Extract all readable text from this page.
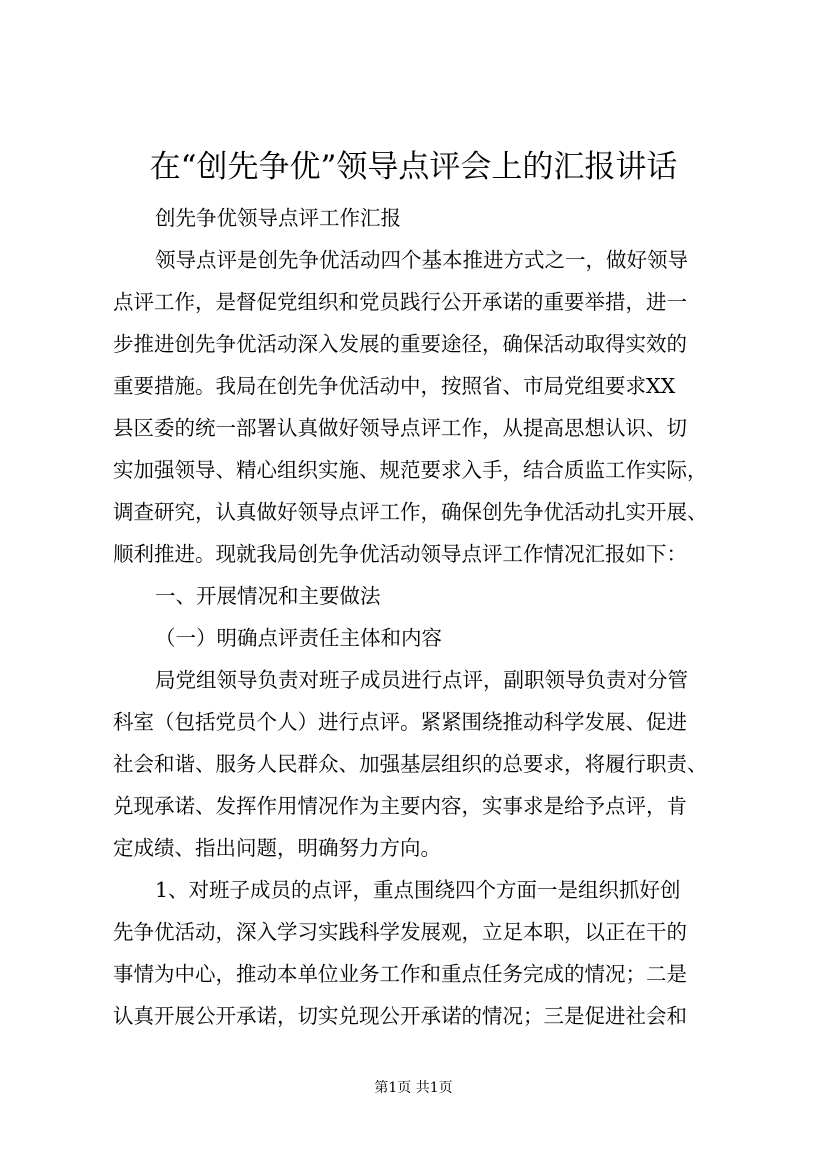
在“创先争优”领导点评会上的汇报讲话
创先争优领导点评工作汇报
领导点评是创先争优活动四个基本推进方式之一，做好领导
点评工作，是督促党组织和党员践行公开承诺的重要举措，进一
步推进创先争优活动深入发展的重要途径，确保活动取得实效的
重要措施。我局在创先争优活动中，按照省、市局党组要求XX
县区委的统一部署认真做好领导点评工作，从提高思想认识、切
实加强领导、精心组织实施、规范要求入手，结合质监工作实际，
调查研究，认真做好领导点评工作，确保创先争优活动扎实开展、
顺利推进。现就我局创先争优活动领导点评工作情况汇报如下：
一、开展情况和主要做法
（一）明确点评责任主体和内容
局党组领导负责对班子成员进行点评，副职领导负责对分管
科室（包括党员个人）进行点评。紧紧围绕推动科学发展、促进
社会和谐、服务人民群众、加强基层组织的总要求，将履行职责、
兑现承诺、发挥作用情况作为主要内容，实事求是给予点评，肯
定成绩、指出问题，明确努力方向。
1、对班子成员的点评，重点围绕四个方面一是组织抓好创
先争优活动，深入学习实践科学发展观，立足本职，以正在干的
事情为中心，推动本单位业务工作和重点任务完成的情况；二是
认真开展公开承诺，切实兑现公开承诺的情况；三是促进社会和
第1页 共1页
